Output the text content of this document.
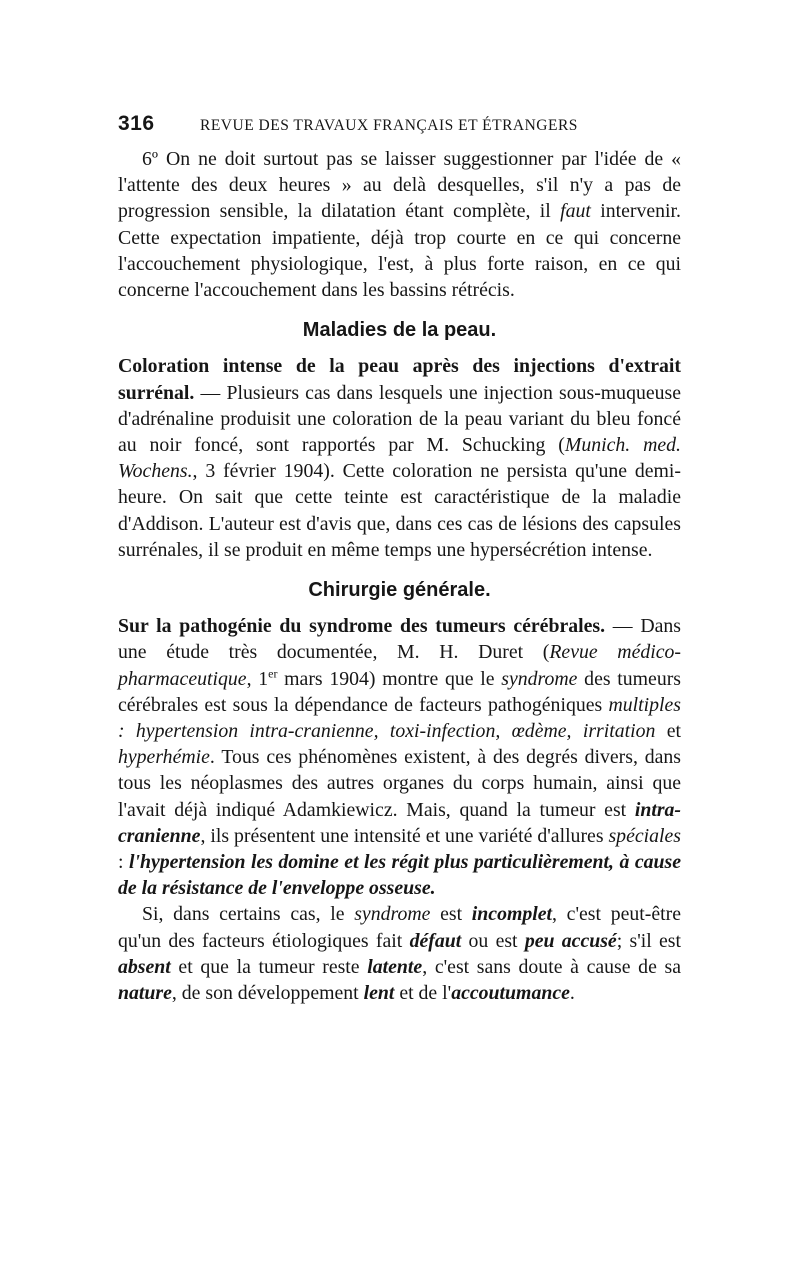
316	REVUE DES TRAVAUX FRANÇAIS ET ÉTRANGERS

6º On ne doit surtout pas se laisser suggestionner par l'idée de « l'attente des deux heures » au delà desquelles, s'il n'y a pas de progression sensible, la dilatation étant complète, il faut intervenir. Cette expectation impatiente, déjà trop courte en ce qui concerne l'accouchement physiologique, l'est, à plus forte raison, en ce qui concerne l'accouchement dans les bassins rétrécis.

Maladies de la peau.

Coloration intense de la peau après des injections d'extrait surrénal. — Plusieurs cas dans lesquels une injection sous-muqueuse d'adrénaline produisit une coloration de la peau variant du bleu foncé au noir foncé, sont rapportés par M. Schucking (Munich. med. Wochens., 3 février 1904). Cette coloration ne persista qu'une demi-heure. On sait que cette teinte est caractéristique de la maladie d'Addison. L'auteur est d'avis que, dans ces cas de lésions des capsules surrénales, il se produit en même temps une hypersécrétion intense.

Chirurgie générale.

Sur la pathogénie du syndrome des tumeurs cérébrales. — Dans une étude très documentée, M. H. Duret (Revue médico-pharmaceutique, 1er mars 1904) montre que le syndrome des tumeurs cérébrales est sous la dépendance de facteurs pathogéniques multiples : hypertension intra-cranienne, toxi-infection, œdème, irritation et hyperhémie. Tous ces phénomènes existent, à des degrés divers, dans tous les néoplasmes des autres organes du corps humain, ainsi que l'avait déjà indiqué Adamkiewicz. Mais, quand la tumeur est intra-cranienne, ils présentent une intensité et une variété d'allures spéciales : l'hypertension les domine et les régit plus particulièrement, à cause de la résistance de l'enveloppe osseuse.

Si, dans certains cas, le syndrome est incomplet, c'est peut-être qu'un des facteurs étiologiques fait défaut ou est peu accusé; s'il est absent et que la tumeur reste latente, c'est sans doute à cause de sa nature, de son développement lent et de l'accoutumance.
